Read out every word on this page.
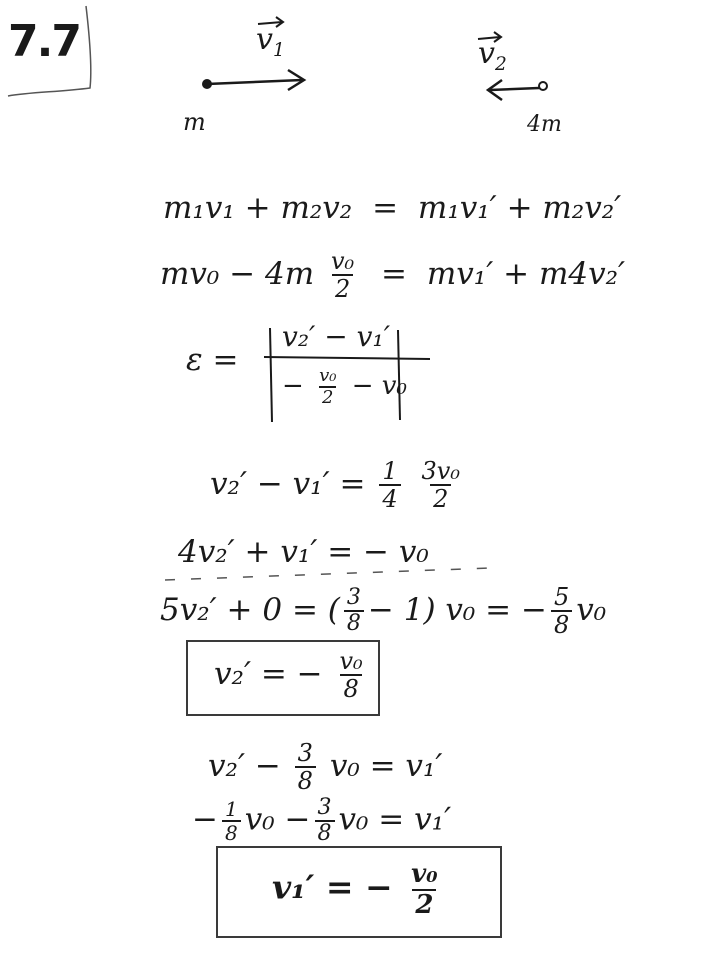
7.7	$v_1$	$v_2$
m	4m
m₁v₁ + m₂v₂ = m₁v₁′ + m₂v₂′
$mv_0 - 4m \frac{\text{v₀}}{2} = mv_1' + m4v_2'$
ε =
v₂′ − v₁′
− $\frac{\text{v₀}}{2} - v_0$
$v_2' - v_1' = \frac{1}{4}$
$\frac{\text{3v₀}}{2}$
4v₂′ + v₁′ = − v₀
5v₂′ + 0 = ( $\frac{3}{8} - 1$) v₀ = − $\frac{5}{8} v_0$
v₂′ = − $\frac{\text{v₀}}{8}$
$v_2' - \frac{3}{8} v_0 = v_1'$
− $\frac{1}{8} v_0 - \frac{3}{8} v_0 = v_1'$
v₁′ = − $\frac{\text{v₀}}{2}$
